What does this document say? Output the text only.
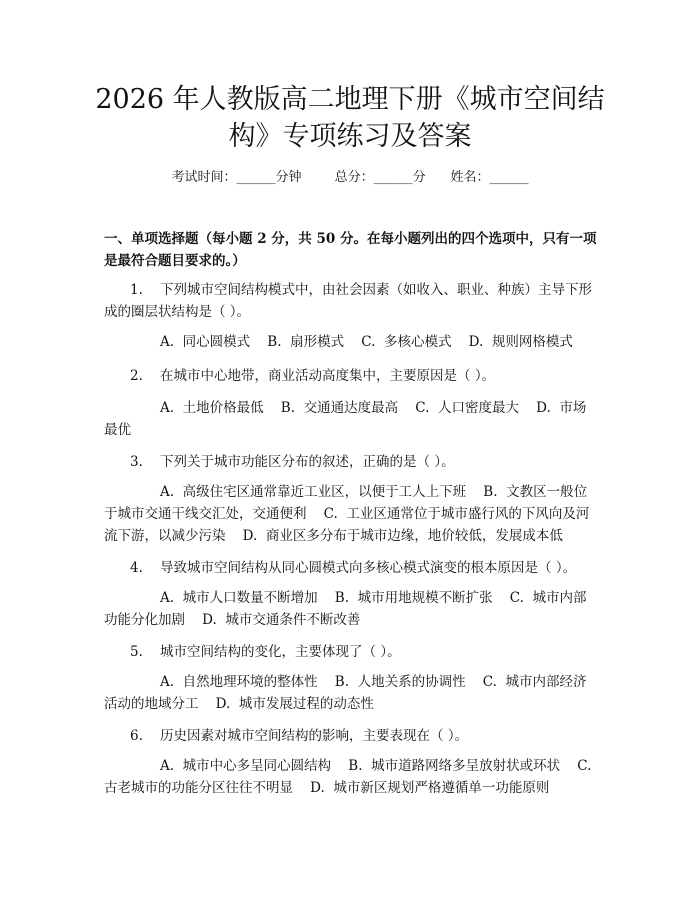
2026 年人教版高二地理下册《城市空间结
构》专项练习及答案
考试时间：______分钟	总分：______分 姓名：______
一、单项选择题（每小题 2 分，共 50 分。在每小题列出的四个选项中，只有一项
是最符合题目要求的。）
1.    下列城市空间结构模式中，由社会因素（如收入、职业、种族）主导下形
成的圈层状结构是（ ）。
A.  同心圆模式    B.  扇形模式    C.  多核心模式    D.  规则网格模式
2.    在城市中心地带，商业活动高度集中，主要原因是（ ）。
A.  土地价格最低    B.  交通通达度最高    C.  人口密度最大    D.  市场
最优
3.    下列关于城市功能区分布的叙述，正确的是（ ）。
A.  高级住宅区通常靠近工业区，以便于工人上下班    B.  文教区一般位
于城市交通干线交汇处，交通便利    C.  工业区通常位于城市盛行风的下风向及河
流下游，以减少污染    D.  商业区多分布于城市边缘，地价较低，发展成本低
4.    导致城市空间结构从同心圆模式向多核心模式演变的根本原因是（ ）。
A.  城市人口数量不断增加    B.  城市用地规模不断扩张    C.  城市内部
功能分化加剧    D.  城市交通条件不断改善
5.    城市空间结构的变化，主要体现了（ ）。
A.  自然地理环境的整体性    B.  人地关系的协调性    C.  城市内部经济
活动的地域分工    D.  城市发展过程的动态性
6.    历史因素对城市空间结构的影响，主要表现在（ ）。
A.  城市中心多呈同心圆结构    B.  城市道路网络多呈放射状或环状    C.
古老城市的功能分区往往不明显    D.  城市新区规划严格遵循单一功能原则
